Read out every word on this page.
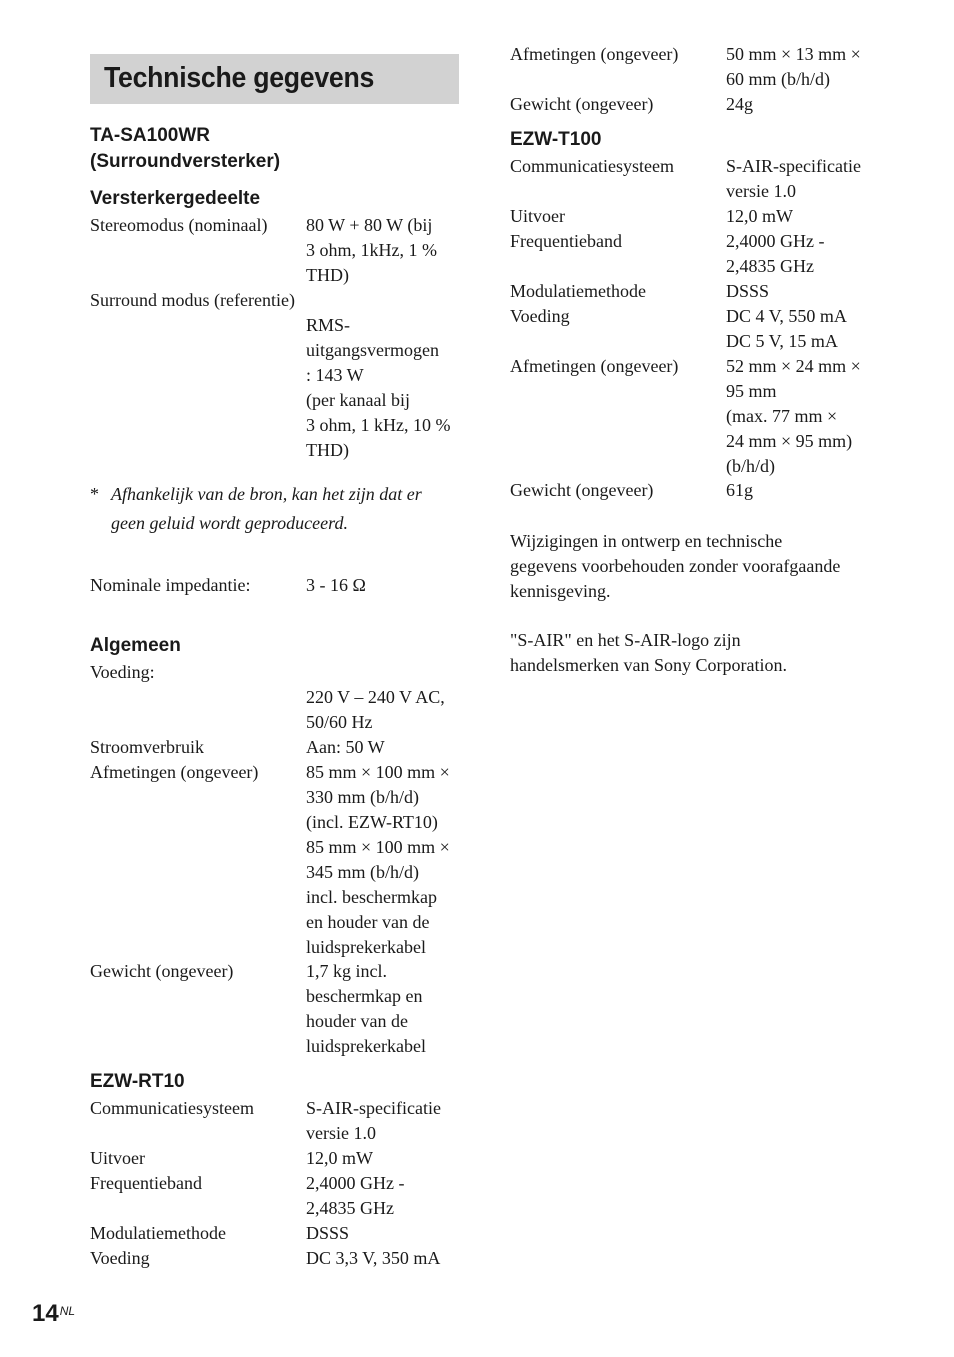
Technische gegevens
TA-SA100WR
(Surroundversterker)
Versterkergedeelte
Stereomodus (nominaal) 80 W + 80 W (bij
3 ohm, 1kHz, 1 %
THD)
Surround modus (referentie)
RMS-
uitgangsvermogen
: 143 W
(per kanaal bij
3 ohm, 1 kHz, 10 %
THD)
* Afhankelijk van de bron, kan het zijn dat er
geen geluid wordt geproduceerd.
Nominale impedantie:	3 - 16 Ω
Algemeen
Voeding:
220 V – 240 V AC,
50/60 Hz
Stroomverbruik	Aan: 50 W
Afmetingen (ongeveer)	85 mm × 100 mm ×
330 mm (b/h/d)
(incl. EZW-RT10)
85 mm × 100 mm ×
345 mm (b/h/d)
incl. beschermkap
en houder van de
luidsprekerkabel
Gewicht (ongeveer)	1,7 kg incl.
beschermkap en
houder van de
luidsprekerkabel
EZW-RT10
Communicatiesysteem	S-AIR-specificatie
versie 1.0
Uitvoer	12,0 mW
Frequentieband	2,4000 GHz -
2,4835 GHz
Modulatiemethode	DSSS
Voeding	DC 3,3 V, 350 mA
Afmetingen (ongeveer)	50 mm × 13 mm ×
60 mm (b/h/d)
Gewicht (ongeveer)	24g
EZW-T100
Communicatiesysteem	S-AIR-specificatie
versie 1.0
Uitvoer	12,0 mW
Frequentieband	2,4000 GHz -
2,4835 GHz
Modulatiemethode	DSSS
Voeding	DC 4 V, 550 mA
DC 5 V, 15 mA
Afmetingen (ongeveer)	52 mm × 24 mm ×
95 mm
(max. 77 mm ×
24 mm × 95 mm)
(b/h/d)
Gewicht (ongeveer)	61g
Wijzigingen in ontwerp en technische
gegevens voorbehouden zonder voorafgaande
kennisgeving.
"S-AIR" en het S-AIR-logo zijn
handelsmerken van Sony Corporation.
$14^{NL}$
